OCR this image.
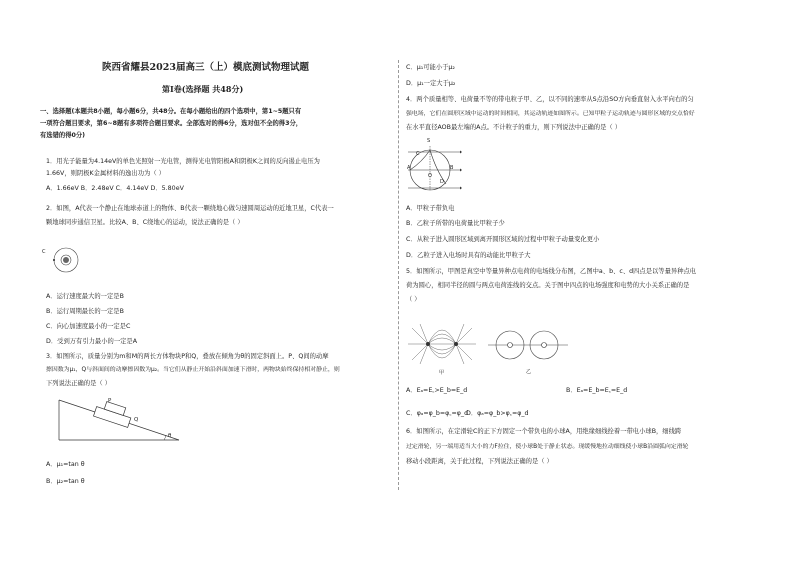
陕西省耀县2023届高三（上）模底测试物理试题
第Ⅰ卷(选择题 共48分)
一、选择题(本题共8小题，每小题6分，共48分。在每小题给出的四个选项中，第1~5题只有
一项符合题目要求，第6~8题有多项符合题目要求。全部选对的得6分，选对但不全的得3分，
有选错的得0分)
1．用光子能量为4.14eV的单色光照射一光电管，测得光电管阳极A和阴极K之间的反向遏止电压为
1.66V，则阴极K金属材料的逸出功为（ ）
A．1.66eV B．2.48eV C．4.14eV D．5.80eV
2．如图，A代表一个静止在地球赤道上的物体、B代表一颗绕地心做匀速圆周运动的近地卫星，C代表一
颗地球同步通信卫星。比较A、B、C绕地心的运动，说法正确的是（ ）
C
A．运行速度最大的一定是B
B．运行周期最长的一定是B
C．向心加速度最小的一定是C
D．受到万有引力最小的一定是A
3．如图所示，质量分别为m和M的两长方体物块P和Q，叠放在倾角为θ的固定斜面上。P、Q间的动摩
擦因数为μ₁，Q与斜面间的动摩擦因数为μ₂。当它们从静止开始沿斜面加速下滑时，两物块始终保持相对静止，则
下列说法正确的是（ ）
P
Q
θ
A．μ₁=tan θ
B．μ₂=tan θ
C．μ₁可能小于μ₂
D．μ₁一定大于μ₂
4．两个质量相等、电荷量不等的带电粒子甲、乙，以不同的速率从S点沿SO方向垂直射入水平向右的匀
强电场，它们在圆形区域中运动的时间相同，其运动轨迹如图所示。已知甲粒子运动轨迹与圆形区域的交点恰好
在水平直径AOB最左端的A点。不计粒子的重力，则下列说法中正确的是（ ）
S
A
O
B
C
D
A．甲粒子带负电
B．乙粒子所带的电荷量比甲粒子少
C．从粒子进入圆形区域到离开圆形区域的过程中甲粒子动量变化更小
D．乙粒子进入电场时具有的动能比甲粒子大
5．如图所示，甲图是真空中等量异种点电荷的电场线分布图，乙图中a、b、c、d四点是以等量异种点电
荷为圆心，相同半径的圆与两点电荷连线的交点。关于图中四点的电场强度和电势的大小关系正确的是
（ ）
甲	乙
A．Eₐ=E꜀>E_b=E_d	B．Eₐ=E_b=E꜀=E_d
C．φₐ=φ_b=φ꜀=φ_d
D．φₐ=φ_b>φ꜀=φ_d
6．如图所示，在定滑轮C的正下方固定一个带负电的小球A，用绝缘细线拴着一带电小球B，细线跨
过定滑轮，另一端用适当大小的力F拉住，使小球B处于静止状态。现缓慢地拉动细线使小球B沿圆弧向定滑轮
移动小段距离，关于此过程，下列说法正确的是（ ）
